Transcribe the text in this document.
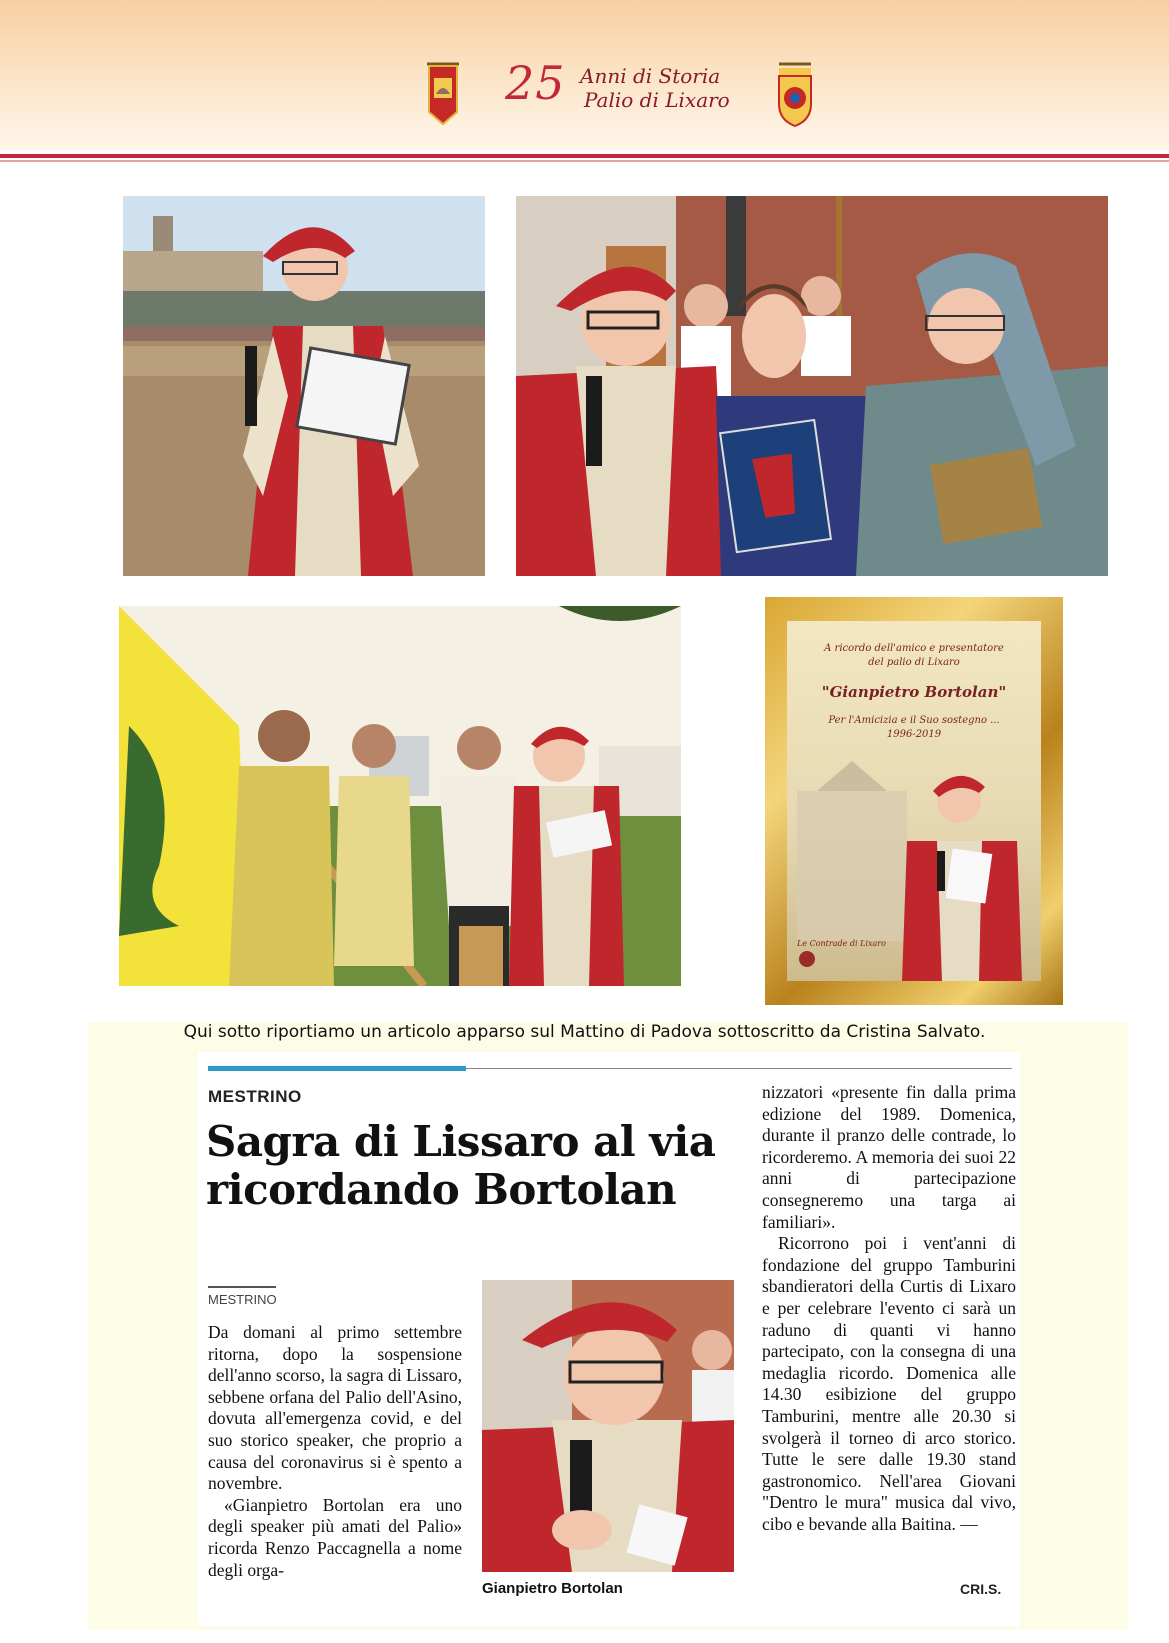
25 Anni di Storia
Palio di Lixaro
A ricordo dell'amico e presentatore
del palio di Lixaro
"Gianpietro Bortolan"
Per l'Amicizia e il Suo sostegno ...
1996-2019
Le Contrade di Lixaro
Qui sotto riportiamo un articolo apparso sul Mattino di Padova sottoscritto da Cristina Salvato.
MESTRINO
Sagra di Lissaro al via
ricordando Bortolan
MESTRINO

Da domani al primo settembre ritorna, dopo la sospensione dell'anno scorso, la sagra di Lissaro, sebbene orfana del Palio dell'Asino, dovuta all'emergenza covid, e del suo storico speaker, che proprio a causa del coronavirus si è spento a novembre.

«Gianpietro Bortolan era uno degli speaker più amati del Palio» ricorda Renzo Paccagnella a nome degli orga-

Gianpietro Bortolan

nizzatori «presente fin dalla prima edizione del 1989. Domenica, durante il pranzo delle contrade, lo ricorderemo. A memoria dei suoi 22 anni di partecipazione consegneremo una targa ai familiari».

Ricorrono poi i vent'anni di fondazione del gruppo Tamburini sbandieratori della Curtis di Lixaro e per celebrare l'evento ci sarà un raduno di quanti vi hanno partecipato, con la consegna di una medaglia ricordo. Domenica alle 14.30 esibizione del gruppo Tamburini, mentre alle 20.30 si svolgerà il torneo di arco storico. Tutte le sere dalle 19.30 stand gastronomico. Nell'area Giovani "Dentro le mura" musica dal vivo, cibo e bevande alla Baitina. —

CRI.S.
